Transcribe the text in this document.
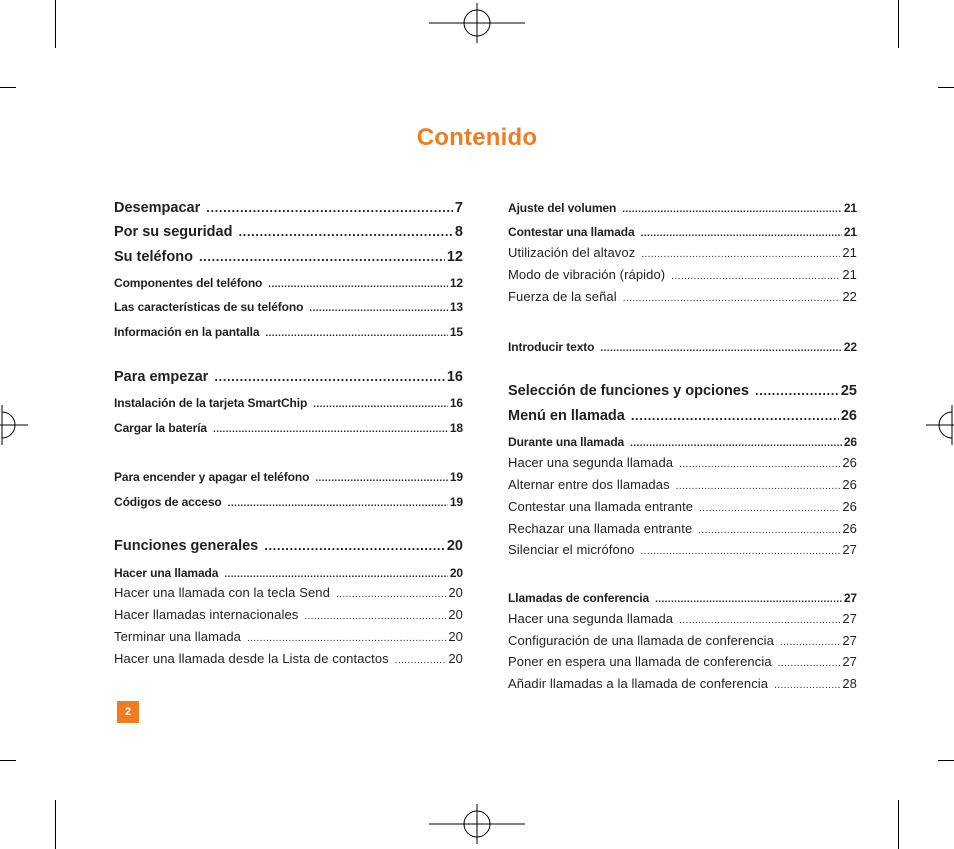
Contenido
Desempacar .....	7
Por su seguridad .....	8
Su teléfono .....	12
Componentes del teléfono .....	12
Las características de su teléfono .....	13
Información en la pantalla .....	15
Para empezar .....	16
Instalación de la tarjeta SmartChip .....	16
Cargar la batería .....	18
Para encender y apagar el teléfono .....	19
Códigos de acceso .....	19
Funciones generales .....	20
Hacer una llamada .....	20
Hacer una llamada con la tecla Send .....	20
Hacer llamadas internacionales .....	20
Terminar una llamada .....	20
Hacer una llamada desde la Lista de contactos .....	20
Ajuste del volumen .....	21
Contestar una llamada .....	21
Utilización del altavoz .....	21
Modo de vibración (rápido) .....	21
Fuerza de la señal .....	22
Introducir texto .....	22
Selección de funciones y opciones .....	25
Menú en llamada .....	26
Durante una llamada .....	26
Hacer una segunda llamada .....	26
Alternar entre dos llamadas .....	26
Contestar una llamada entrante .....	26
Rechazar una llamada entrante .....	26
Silenciar el micrófono .....	27
Llamadas de conferencia .....	27
Hacer una segunda llamada .....	27
Configuración de una llamada de conferencia .....	27
Poner en espera una llamada de conferencia .....	27
Añadir llamadas a la llamada de conferencia .....	28
2
